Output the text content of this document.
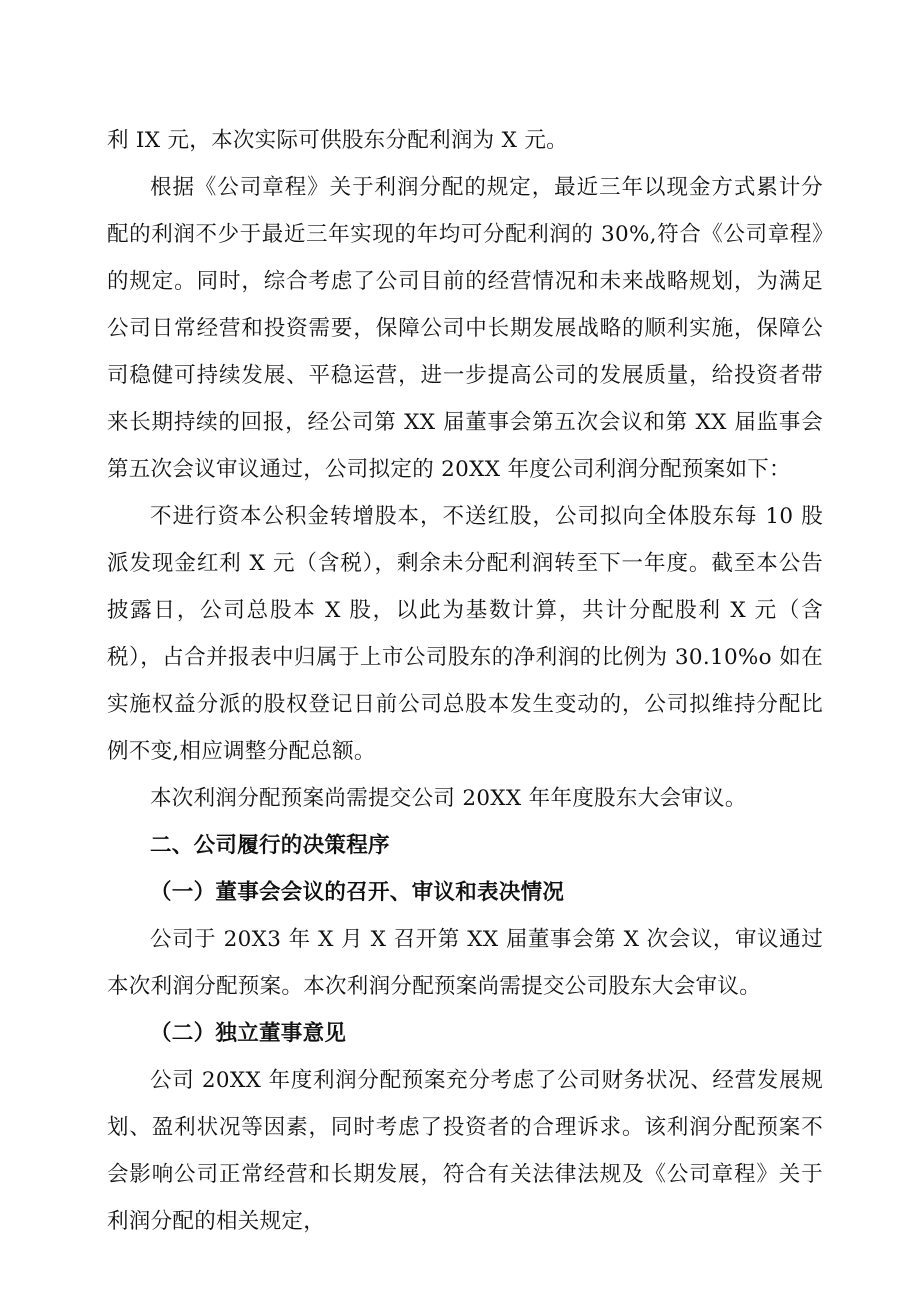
利 IX 元，本次实际可供股东分配利润为 X 元。

根据《公司章程》关于利润分配的规定，最近三年以现金方式累计分配的利润不少于最近三年实现的年均可分配利润的 30%,符合《公司章程》的规定。同时，综合考虑了公司目前的经营情况和未来战略规划，为满足公司日常经营和投资需要，保障公司中长期发展战略的顺利实施，保障公司稳健可持续发展、平稳运营，进一步提高公司的发展质量，给投资者带来长期持续的回报，经公司第 XX 届董事会第五次会议和第 XX 届监事会第五次会议审议通过，公司拟定的 20XX 年度公司利润分配预案如下：

不进行资本公积金转增股本，不送红股，公司拟向全体股东每 10 股派发现金红利 X 元（含税），剩余未分配利润转至下一年度。截至本公告披露日，公司总股本 X 股，以此为基数计算，共计分配股利 X 元（含税），占合并报表中归属于上市公司股东的净利润的比例为 30.10%o 如在实施权益分派的股权登记日前公司总股本发生变动的，公司拟维持分配比例不变,相应调整分配总额。

本次利润分配预案尚需提交公司 20XX 年年度股东大会审议。

二、公司履行的决策程序
（一）董事会会议的召开、审议和表决情况

公司于 20X3 年 X 月 X 召开第 XX 届董事会第 X 次会议，审议通过本次利润分配预案。本次利润分配预案尚需提交公司股东大会审议。

（二）独立董事意见

公司 20XX 年度利润分配预案充分考虑了公司财务状况、经营发展规划、盈利状况等因素，同时考虑了投资者的合理诉求。该利润分配预案不会影响公司正常经营和长期发展，符合有关法律法规及《公司章程》关于利润分配的相关规定，
